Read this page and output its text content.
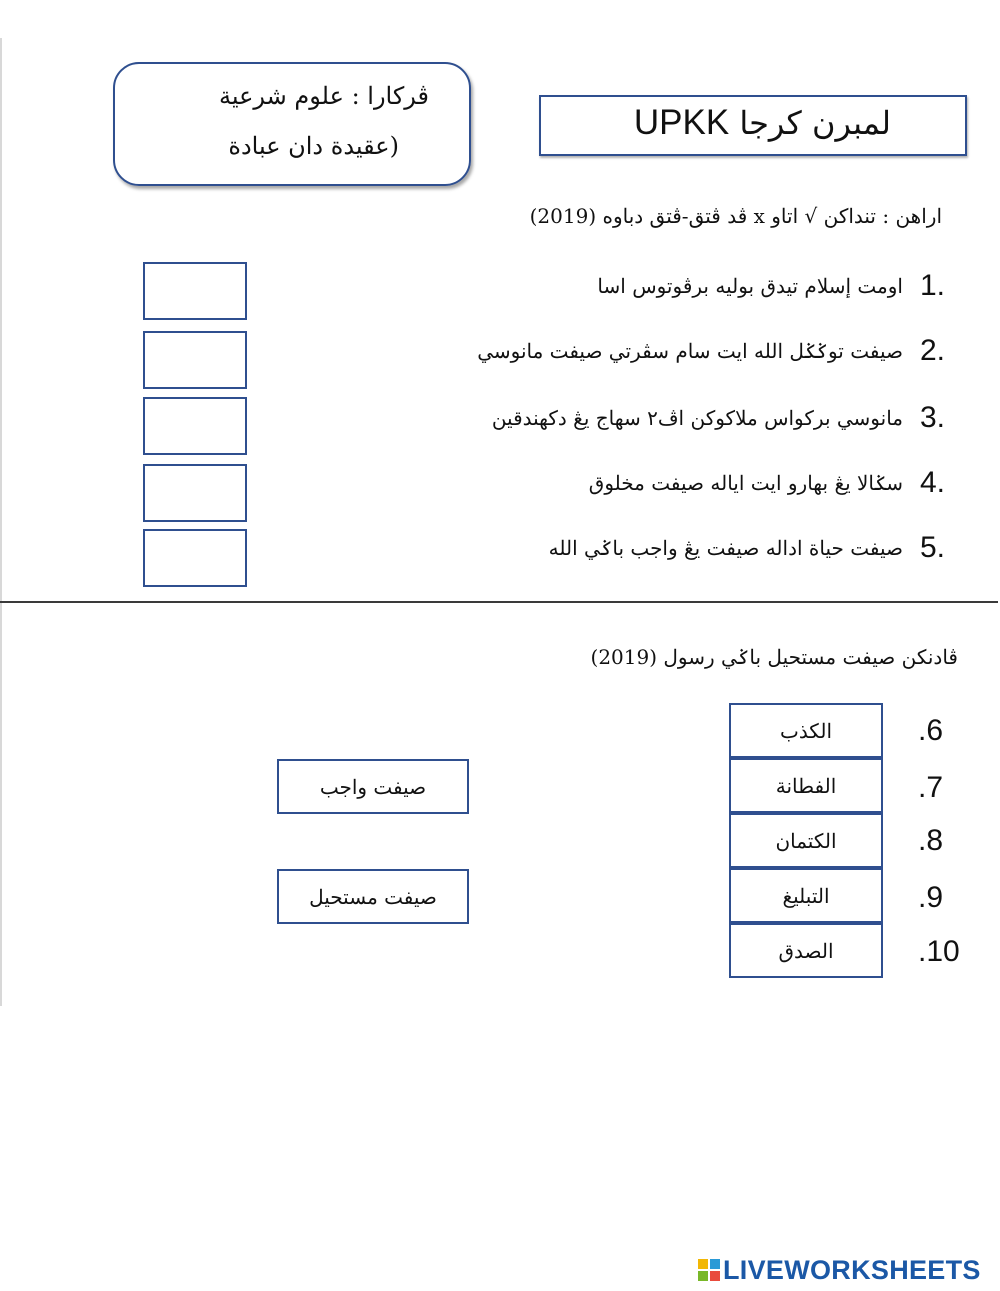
ڤركارا : علوم شرعية
(عقيدة دان عبادة
لمبرن كرجا UPKK
اراهن : تنداكن √ اتاو x ڤد ڤتق-ڤتق دباوه (2019)
1.
اومت إسلام تيدق بوليه برڤوتوس اسا
2.
صيفت توݢݢل الله ايت سام سڤرتي صيفت مانوسي
3.
مانوسي بركواس ملاكوكن اڤ٢ سهاج يڠ دكهندقين
4.
سݢالا يڠ بهارو ايت اياله صيفت مخلوق
5.
صيفت حياة اداله صيفت يڠ واجب باݢي الله
ڤادنكن صيفت مستحيل باݢي رسول (2019)
الكذب
الفطانة
الكتمان
التبليغ
الصدق
.6
.7
.8
.9
.10
صيفت واجب
صيفت مستحيل
LIVEWORKSHEETS
